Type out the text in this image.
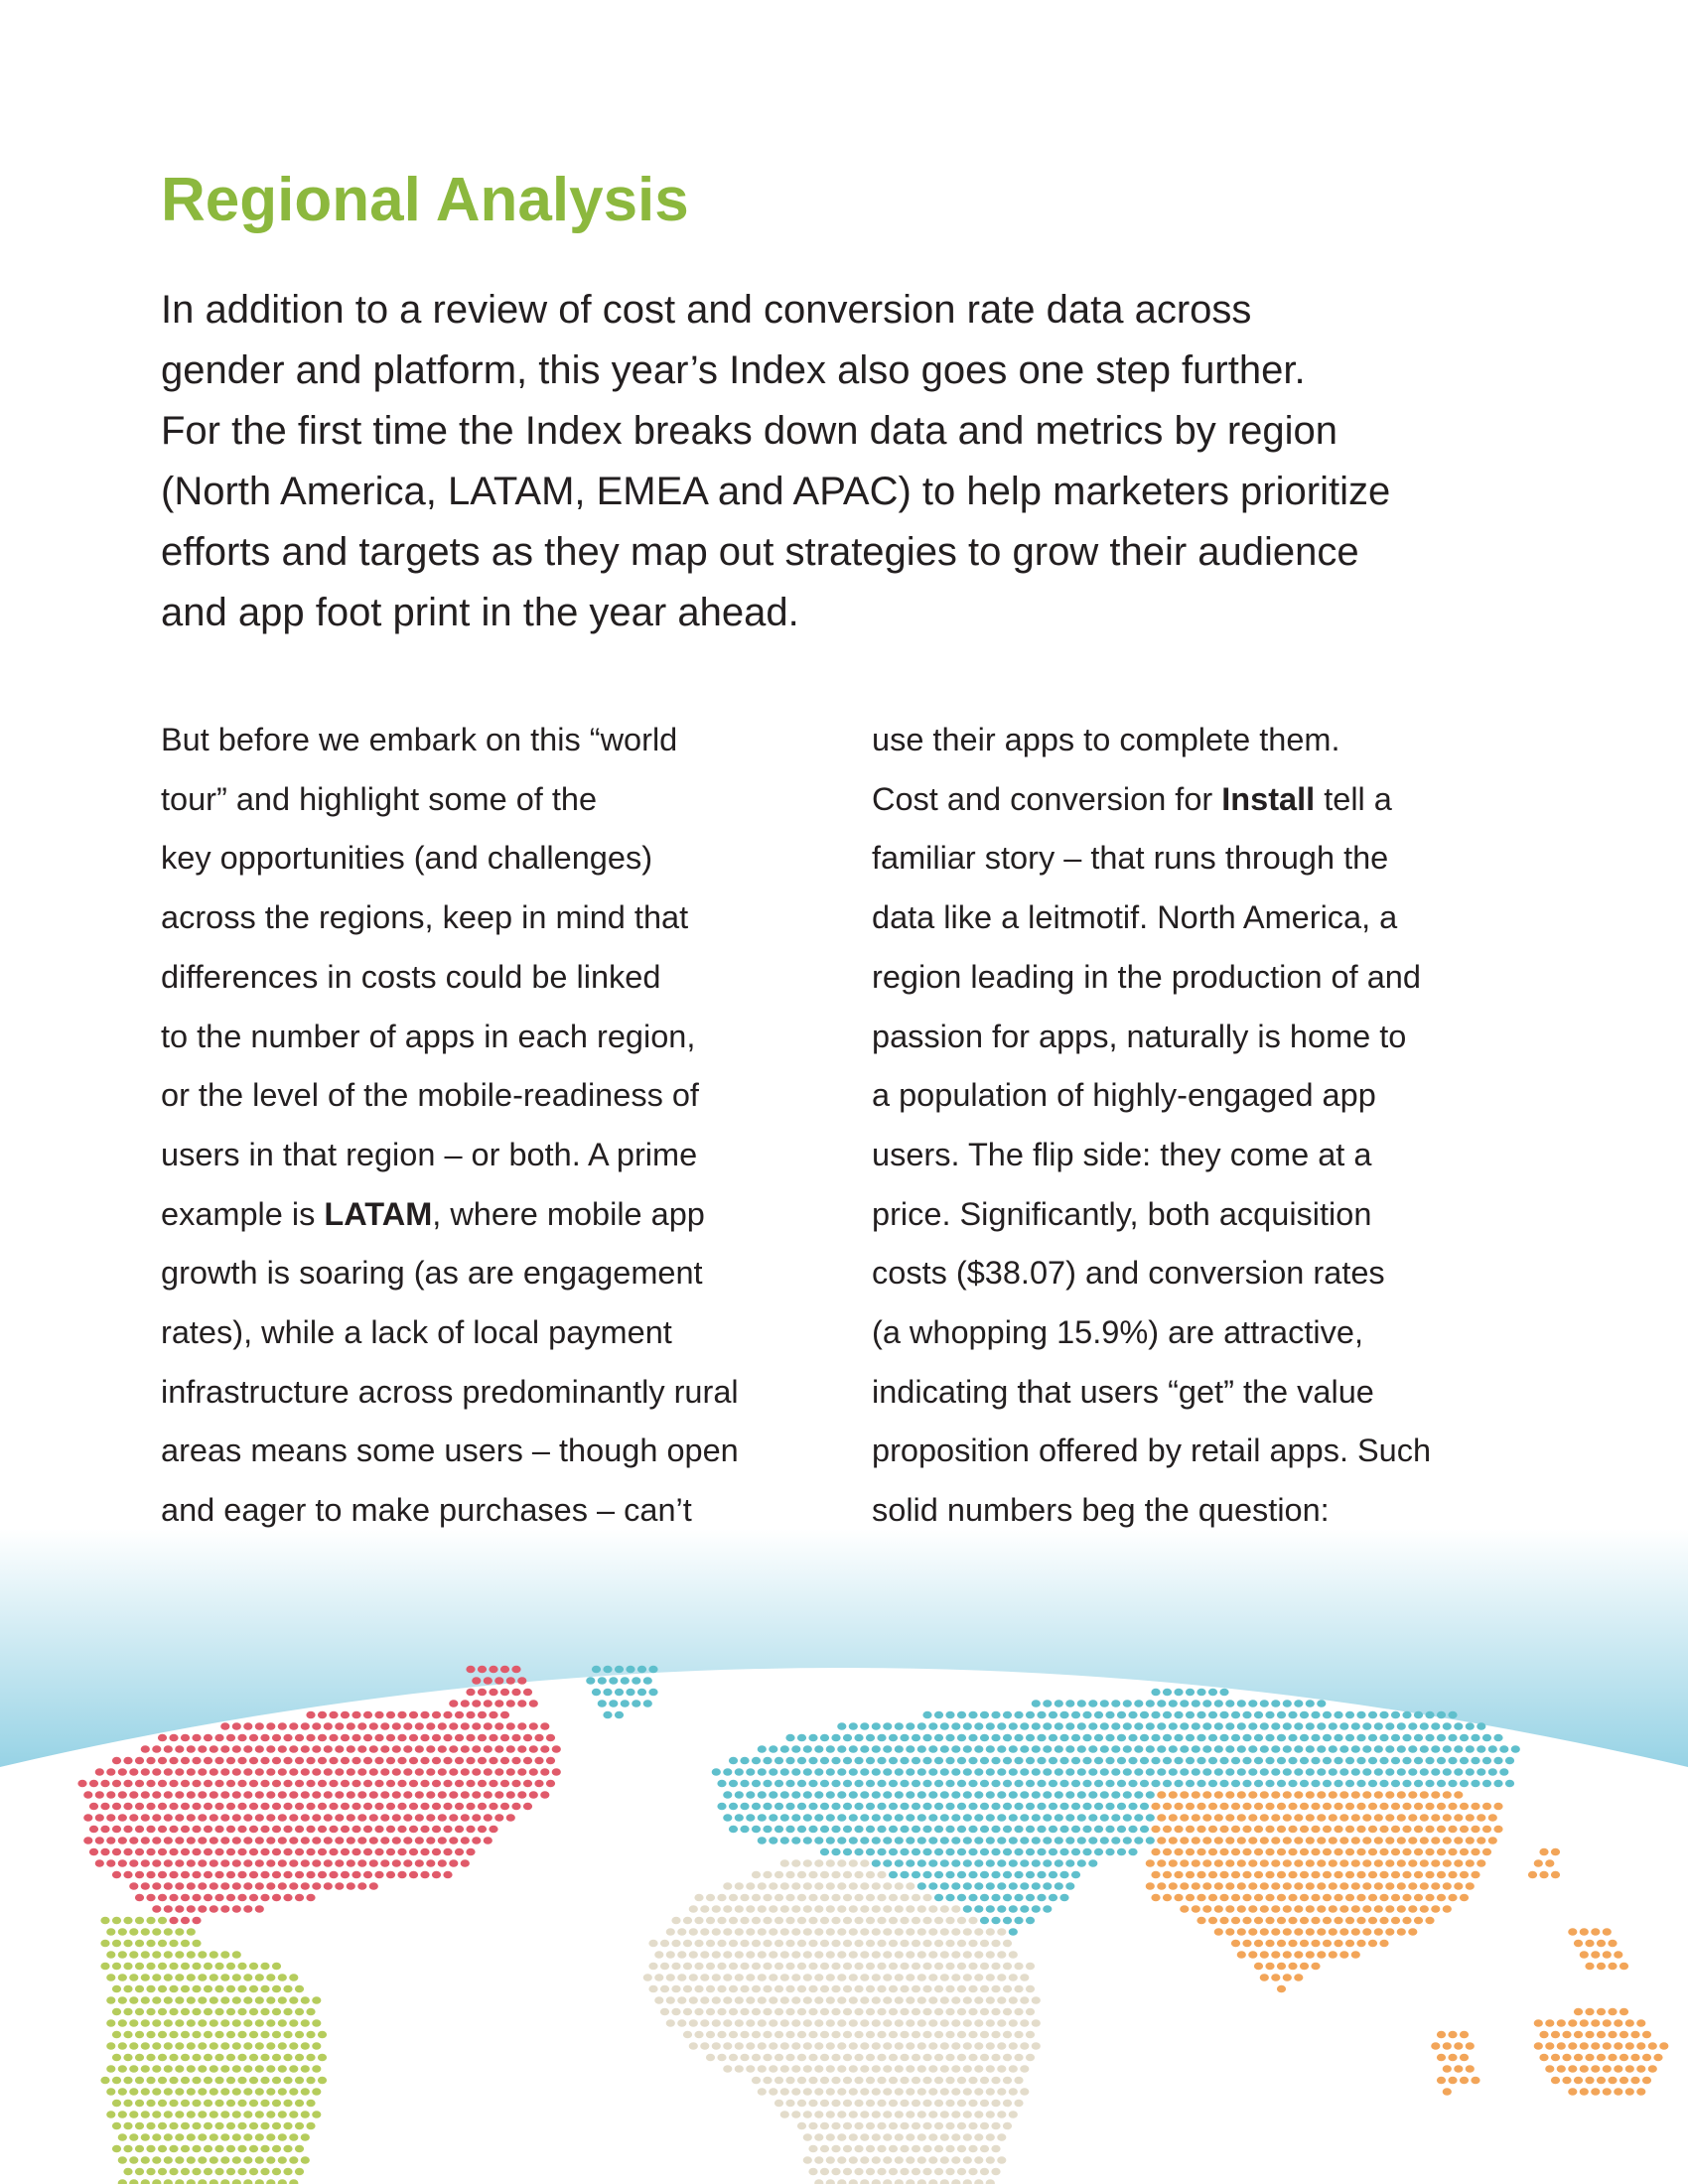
Regional Analysis

In addition to a review of cost and conversion rate data across
gender and platform, this year’s Index also goes one step further.
For the first time the Index breaks down data and metrics by region
(North America, LATAM, EMEA and APAC) to help marketers prioritize
efforts and targets as they map out strategies to grow their audience
and app foot print in the year ahead.

But before we embark on this “world
tour” and highlight some of the
key opportunities (and challenges)
across the regions, keep in mind that
differences in costs could be linked
to the number of apps in each region,
or the level of the mobile-readiness of
users in that region – or both. A prime
example is LATAM, where mobile app
growth is soaring (as are engagement
rates), while a lack of local payment
infrastructure across predominantly rural
areas means some users – though open
and eager to make purchases – can’t
use their apps to complete them.
Cost and conversion for Install tell a
familiar story – that runs through the
data like a leitmotif. North America, a
region leading in the production of and
passion for apps, naturally is home to
a population of highly-engaged app
users. The flip side: they come at a
price. Significantly, both acquisition
costs ($38.07) and conversion rates
(a whopping 15.9%) are attractive,
indicating that users “get” the value
proposition offered by retail apps. Such
solid numbers beg the question:
